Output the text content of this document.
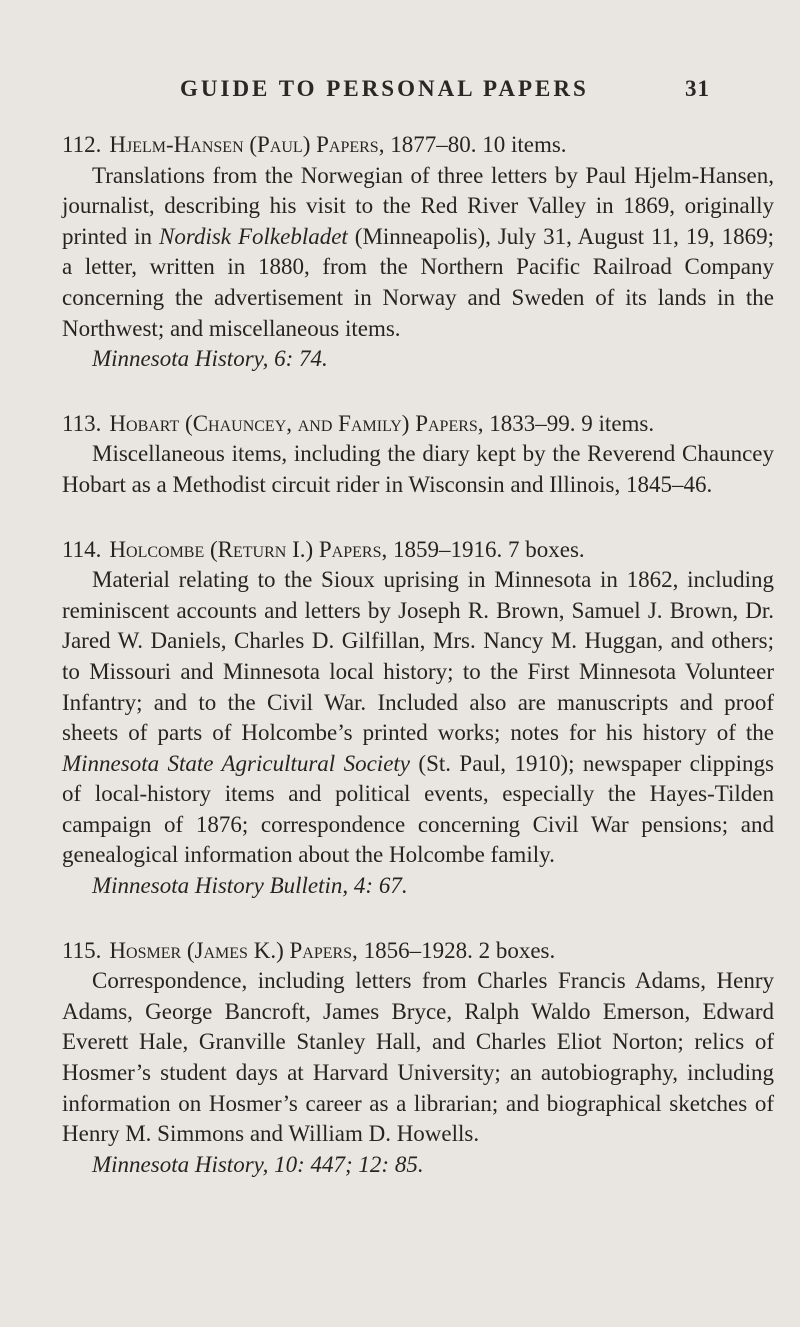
GUIDE TO PERSONAL PAPERS	31

112. Hjelm-Hansen (Paul) Papers, 1877–80. 10 items.

Translations from the Norwegian of three letters by Paul Hjelm-Hansen, journalist, describing his visit to the Red River Valley in 1869, originally printed in Nordisk Folkebladet (Minneapolis), July 31, August 11, 19, 1869; a letter, written in 1880, from the Northern Pacific Railroad Company concerning the advertisement in Norway and Sweden of its lands in the Northwest; and miscellaneous items.

Minnesota History, 6: 74.

113. Hobart (Chauncey, and Family) Papers, 1833–99. 9 items.

Miscellaneous items, including the diary kept by the Reverend Chauncey Hobart as a Methodist circuit rider in Wisconsin and Illinois, 1845–46.

114. Holcombe (Return I.) Papers, 1859–1916. 7 boxes.

Material relating to the Sioux uprising in Minnesota in 1862, including reminiscent accounts and letters by Joseph R. Brown, Samuel J. Brown, Dr. Jared W. Daniels, Charles D. Gilfillan, Mrs. Nancy M. Huggan, and others; to Missouri and Minnesota local history; to the First Minnesota Volunteer Infantry; and to the Civil War. Included also are manuscripts and proof sheets of parts of Holcombe’s printed works; notes for his history of the Minnesota State Agricultural Society (St. Paul, 1910); newspaper clippings of local-history items and political events, especially the Hayes-Tilden campaign of 1876; correspondence concerning Civil War pensions; and genealogical information about the Holcombe family.

Minnesota History Bulletin, 4: 67.

115. Hosmer (James K.) Papers, 1856–1928. 2 boxes.

Correspondence, including letters from Charles Francis Adams, Henry Adams, George Bancroft, James Bryce, Ralph Waldo Emerson, Edward Everett Hale, Granville Stanley Hall, and Charles Eliot Norton; relics of Hosmer’s student days at Harvard University; an autobiography, including information on Hosmer’s career as a librarian; and biographical sketches of Henry M. Simmons and William D. Howells.

Minnesota History, 10: 447; 12: 85.
